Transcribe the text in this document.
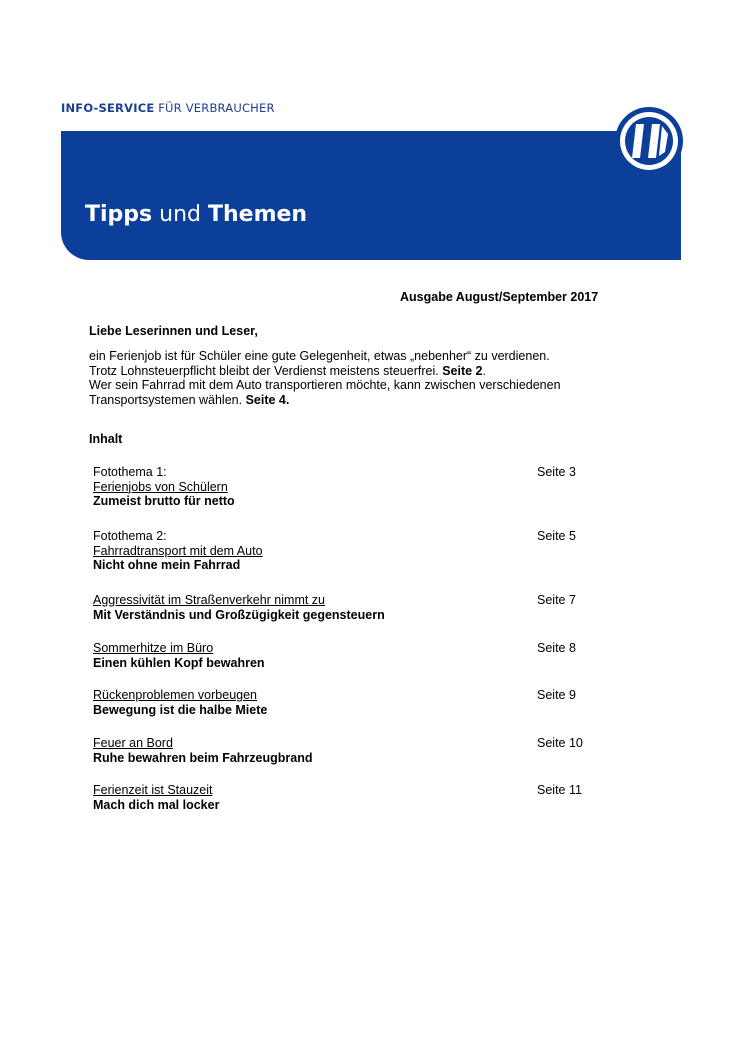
INFO-SERVICE FÜR VERBRAUCHER
Tipps und Themen
Ausgabe August/September 2017
Liebe Leserinnen und Leser,

ein Ferienjob ist für Schüler eine gute Gelegenheit, etwas „nebenher“ zu verdienen.

Trotz Lohnsteuerpflicht bleibt der Verdienst meistens steuerfrei. Seite 2.

Wer sein Fahrrad mit dem Auto transportieren möchte, kann zwischen verschiedenen

Transportsystemen wählen. Seite 4.

Inhalt
Fotothema 1:
Ferienjobs von Schülern
Zumeist brutto für netto
Seite 3
Fotothema 2:
Fahrradtransport mit dem Auto
Nicht ohne mein Fahrrad
Seite 5
Aggressivität im Straßenverkehr nimmt zu
Mit Verständnis und Großzügigkeit gegensteuern
Seite 7
Sommerhitze im Büro
Einen kühlen Kopf bewahren
Seite 8
Rückenproblemen vorbeugen
Bewegung ist die halbe Miete
Seite 9
Feuer an Bord
Ruhe bewahren beim Fahrzeugbrand
Seite 10
Ferienzeit ist Stauzeit
Mach dich mal locker
Seite 11
